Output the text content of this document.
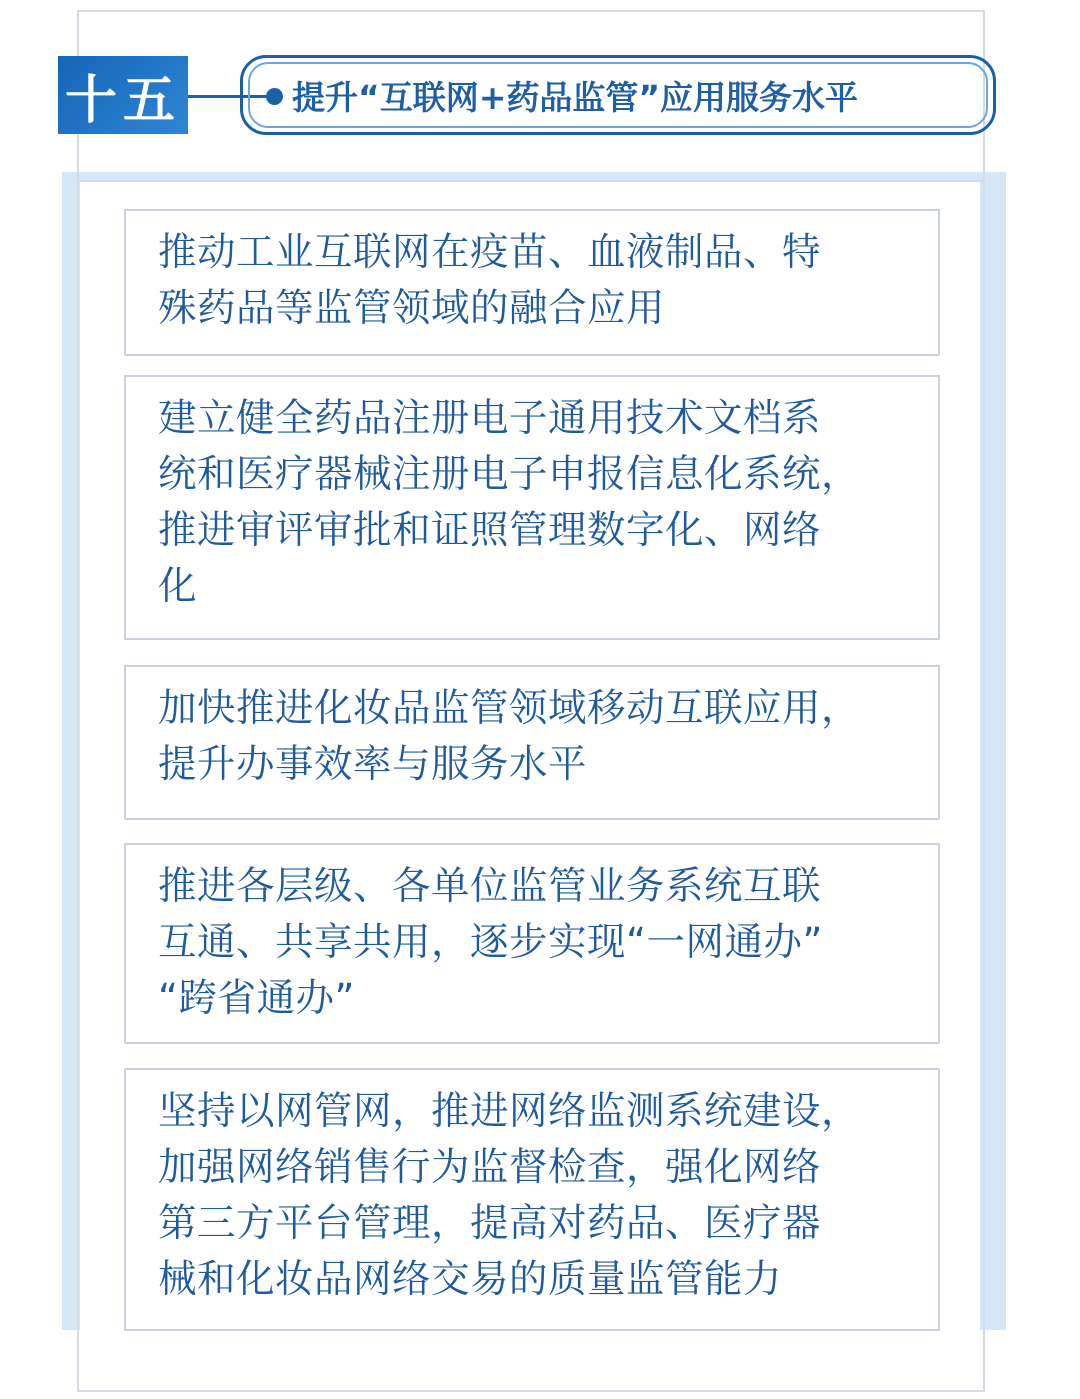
十五	提升“互联网+药品监管”应用服务水平

推动工业互联网在疫苗、血液制品、特
殊药品等监管领域的融合应用

建立健全药品注册电子通用技术文档系
统和医疗器械注册电子申报信息化系统，
推进审评审批和证照管理数字化、网络
化

加快推进化妆品监管领域移动互联应用，
提升办事效率与服务水平

推进各层级、各单位监管业务系统互联
互通、共享共用，逐步实现“一网通办”
“跨省通办”

坚持以网管网，推进网络监测系统建设，
加强网络销售行为监督检查，强化网络
第三方平台管理，提高对药品、医疗器
械和化妆品网络交易的质量监管能力
